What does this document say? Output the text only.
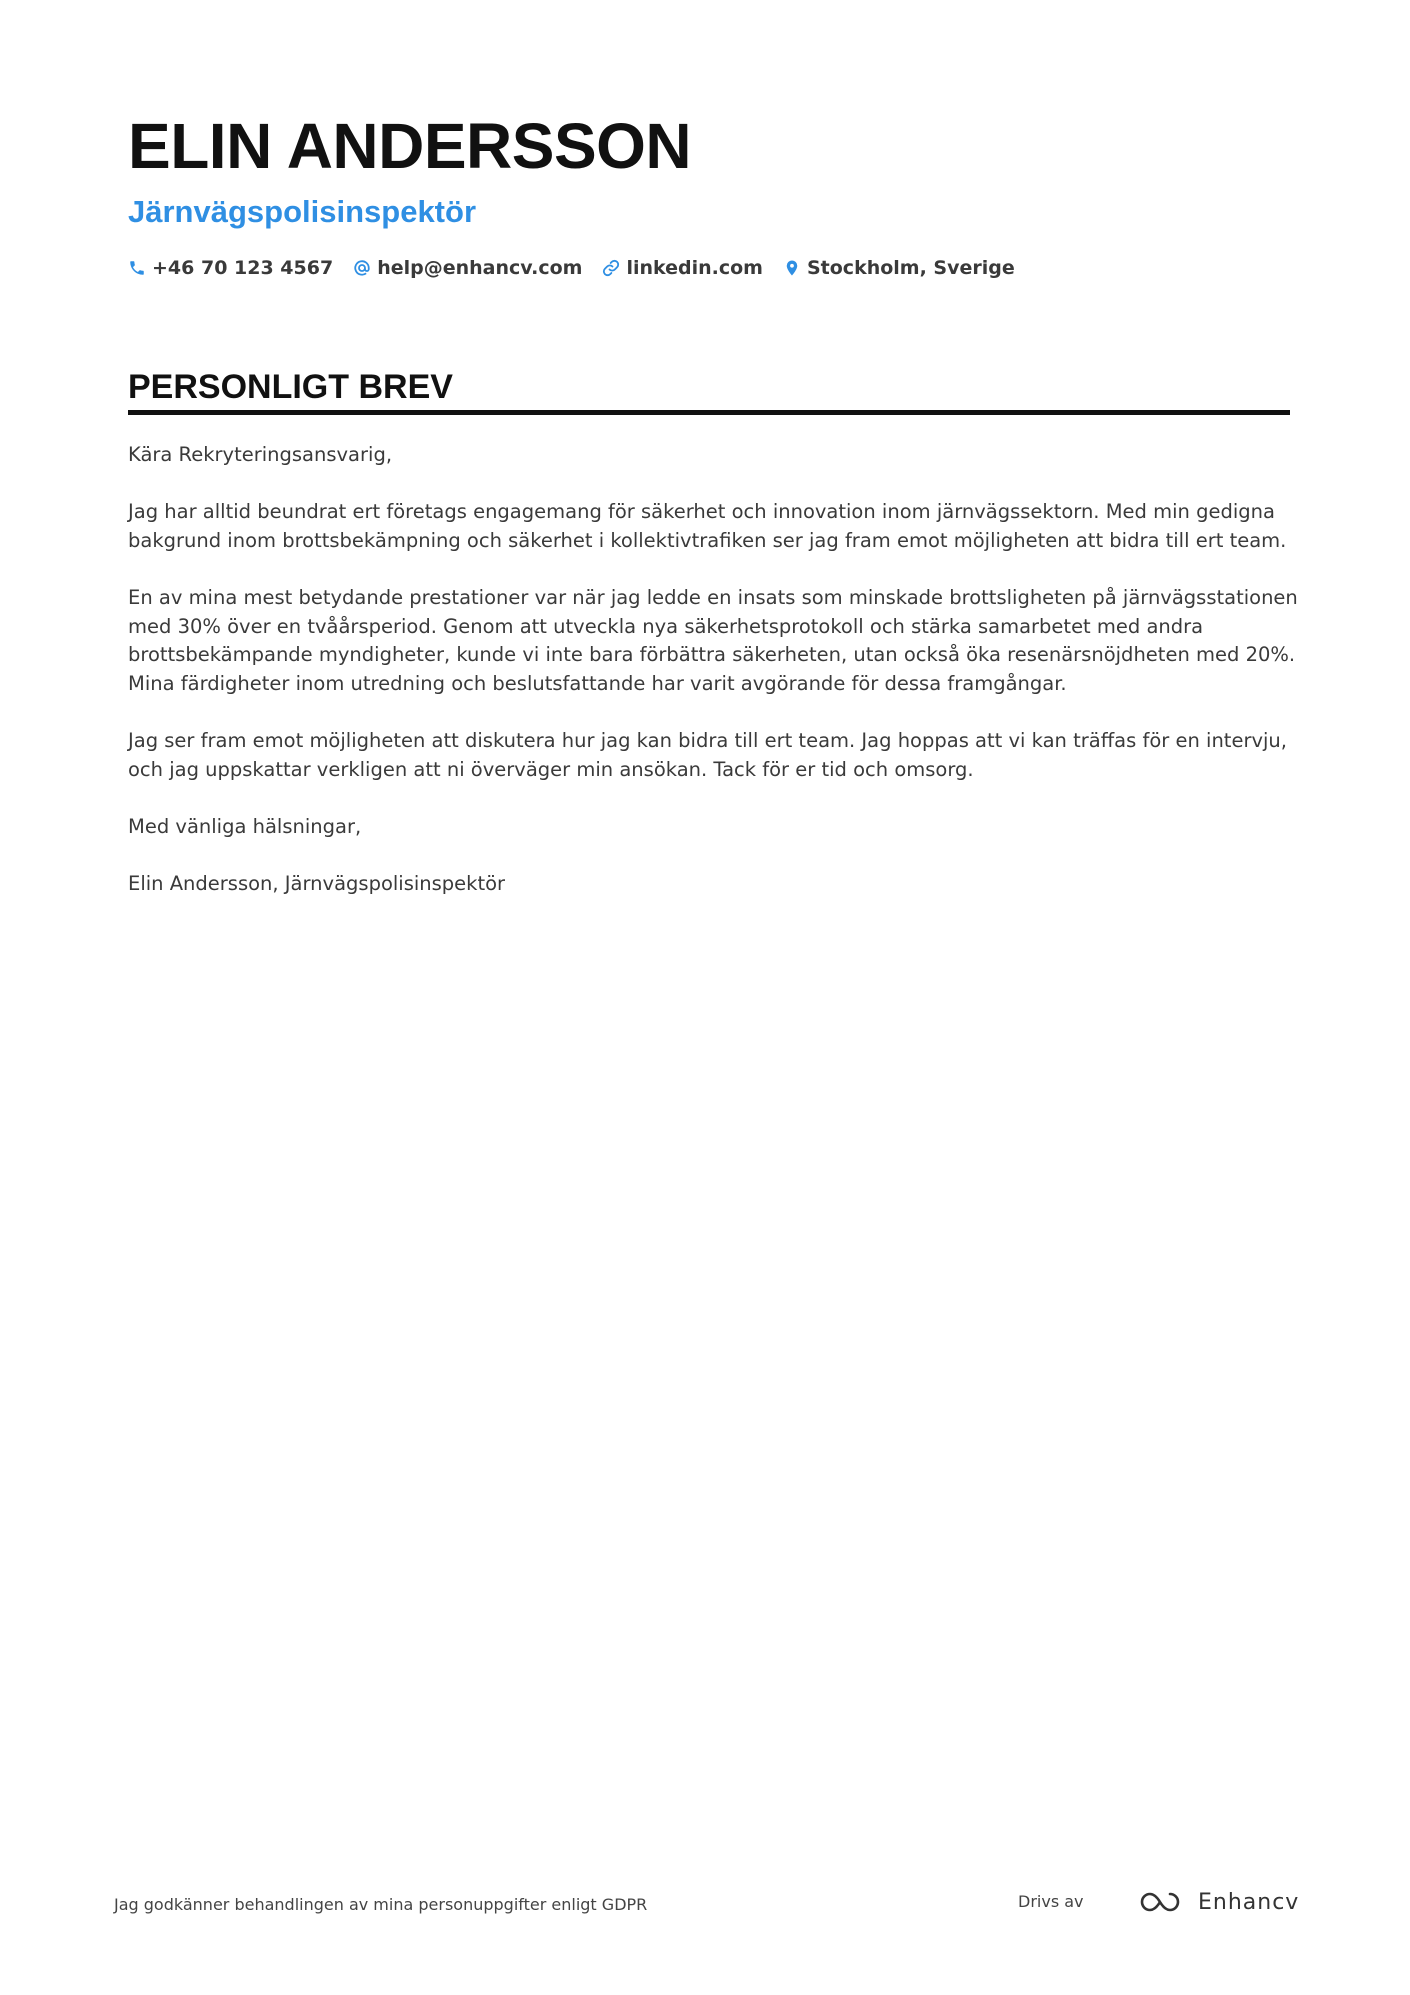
ELIN ANDERSSON
Järnvägspolisinspektör
+46 70 123 4567 help@enhancv.com linkedin.com Stockholm, Sverige
PERSONLIGT BREV

Kära Rekryteringsansvarig,

Jag har alltid beundrat ert företags engagemang för säkerhet och innovation inom järnvägssektorn. Med min gedigna bakgrund inom brottsbekämpning och säkerhet i kollektivtrafiken ser jag fram emot möjligheten att bidra till ert team.

En av mina mest betydande prestationer var när jag ledde en insats som minskade brottsligheten på järnvägsstationen med 30% över en tvåårsperiod. Genom att utveckla nya säkerhetsprotokoll och stärka samarbetet med andra brottsbekämpande myndigheter, kunde vi inte bara förbättra säkerheten, utan också öka resenärsnöjdheten med 20%. Mina färdigheter inom utredning och beslutsfattande har varit avgörande för dessa framgångar.

Jag ser fram emot möjligheten att diskutera hur jag kan bidra till ert team. Jag hoppas att vi kan träffas för en intervju, och jag uppskattar verkligen att ni överväger min ansökan. Tack för er tid och omsorg.

Med vänliga hälsningar,

Elin Andersson, Järnvägspolisinspektör

Jag godkänner behandlingen av mina personuppgifter enligt GDPR	Drivs av	Enhancv
